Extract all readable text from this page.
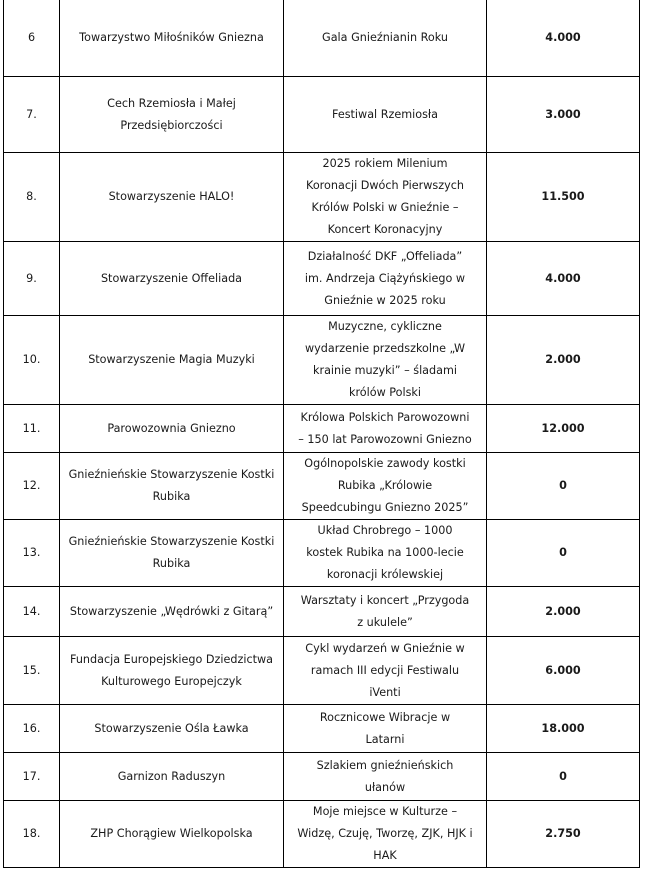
6	Towarzystwo Miłośników Gniezna	Gala Gnieźnianin Roku	4.000
7.	Cech Rzemiosła i Małej
Przedsiębiorczości	Festiwal Rzemiosła	3.000
8.	Stowarzyszenie HALO!	2025 rokiem Milenium
Koronacji Dwóch Pierwszych
Królów Polski w Gnieźnie –
Koncert Koronacyjny	11.500
9.	Stowarzyszenie Offeliada	Działalność DKF „Offeliada”
im. Andrzeja Ciążyńskiego w
Gnieźnie w 2025 roku	4.000
10.	Stowarzyszenie Magia Muzyki	Muzyczne, cykliczne
wydarzenie przedszkolne „W
krainie muzyki” – śladami
królów Polski	2.000
11.	Parowozownia Gniezno	Królowa Polskich Parowozowni
– 150 lat Parowozowni Gniezno	12.000
12.	Gnieźnieńskie Stowarzyszenie Kostki
Rubika	Ogólnopolskie zawody kostki
Rubika „Królowie
Speedcubingu Gniezno 2025”	0
13.	Gnieźnieńskie Stowarzyszenie Kostki
Rubika	Układ Chrobrego – 1000
kostek Rubika na 1000-lecie
koronacji królewskiej	0
14.	Stowarzyszenie „Wędrówki z Gitarą”	Warsztaty i koncert „Przygoda
z ukulele”	2.000
15.	Fundacja Europejskiego Dziedzictwa
Kulturowego Europejczyk	Cykl wydarzeń w Gnieźnie w
ramach III edycji Festiwalu
iVenti	6.000
16.	Stowarzyszenie Ośla Ławka	Rocznicowe Wibracje w
Latarni	18.000
17.	Garnizon Raduszyn	Szlakiem gnieźnieńskich
ułanów	0
18.	ZHP Chorągiew Wielkopolska	Moje miejsce w Kulturze –
Widzę, Czuję, Tworzę, ZJK, HJK i
HAK	2.750
